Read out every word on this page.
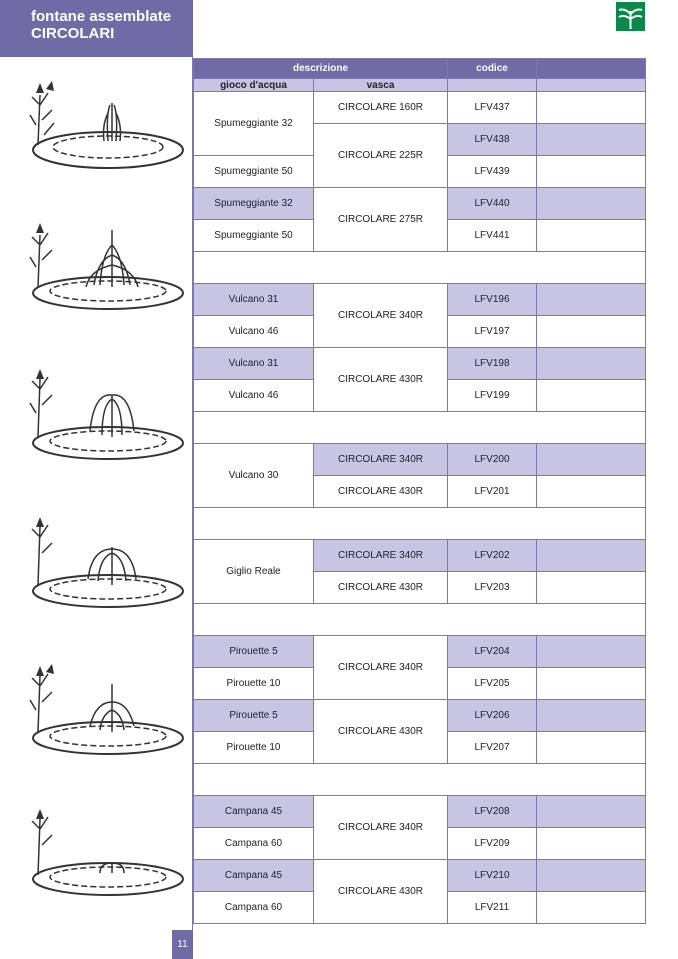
fontane assemblate
CIRCOLARI
descrizione		codice	
gioco d'acqua	vasca		
Spumeggiante 32	CIRCOLARE 160R	LFV437	
	CIRCOLARE 225R	LFV438	
Spumeggiante 50		LFV439	
Spumeggiante 32	CIRCOLARE 275R	LFV440	
Spumeggiante 50		LFV441	

Vulcano 31	CIRCOLARE 340R	LFV196	
Vulcano 46		LFV197	
Vulcano 31	CIRCOLARE 430R	LFV198	
Vulcano 46		LFV199	

Vulcano 30	CIRCOLARE 340R	LFV200	
	CIRCOLARE 430R	LFV201	

Giglio Reale	CIRCOLARE 340R	LFV202	
	CIRCOLARE 430R	LFV203	

Pirouette 5	CIRCOLARE 340R	LFV204	
Pirouette 10		LFV205	
Pirouette 5	CIRCOLARE 430R	LFV206	
Pirouette 10		LFV207	

Campana 45	CIRCOLARE 340R	LFV208	
Campana 60		LFV209	
Campana 45	CIRCOLARE 430R	LFV210	
Campana 60		LFV211	
11
